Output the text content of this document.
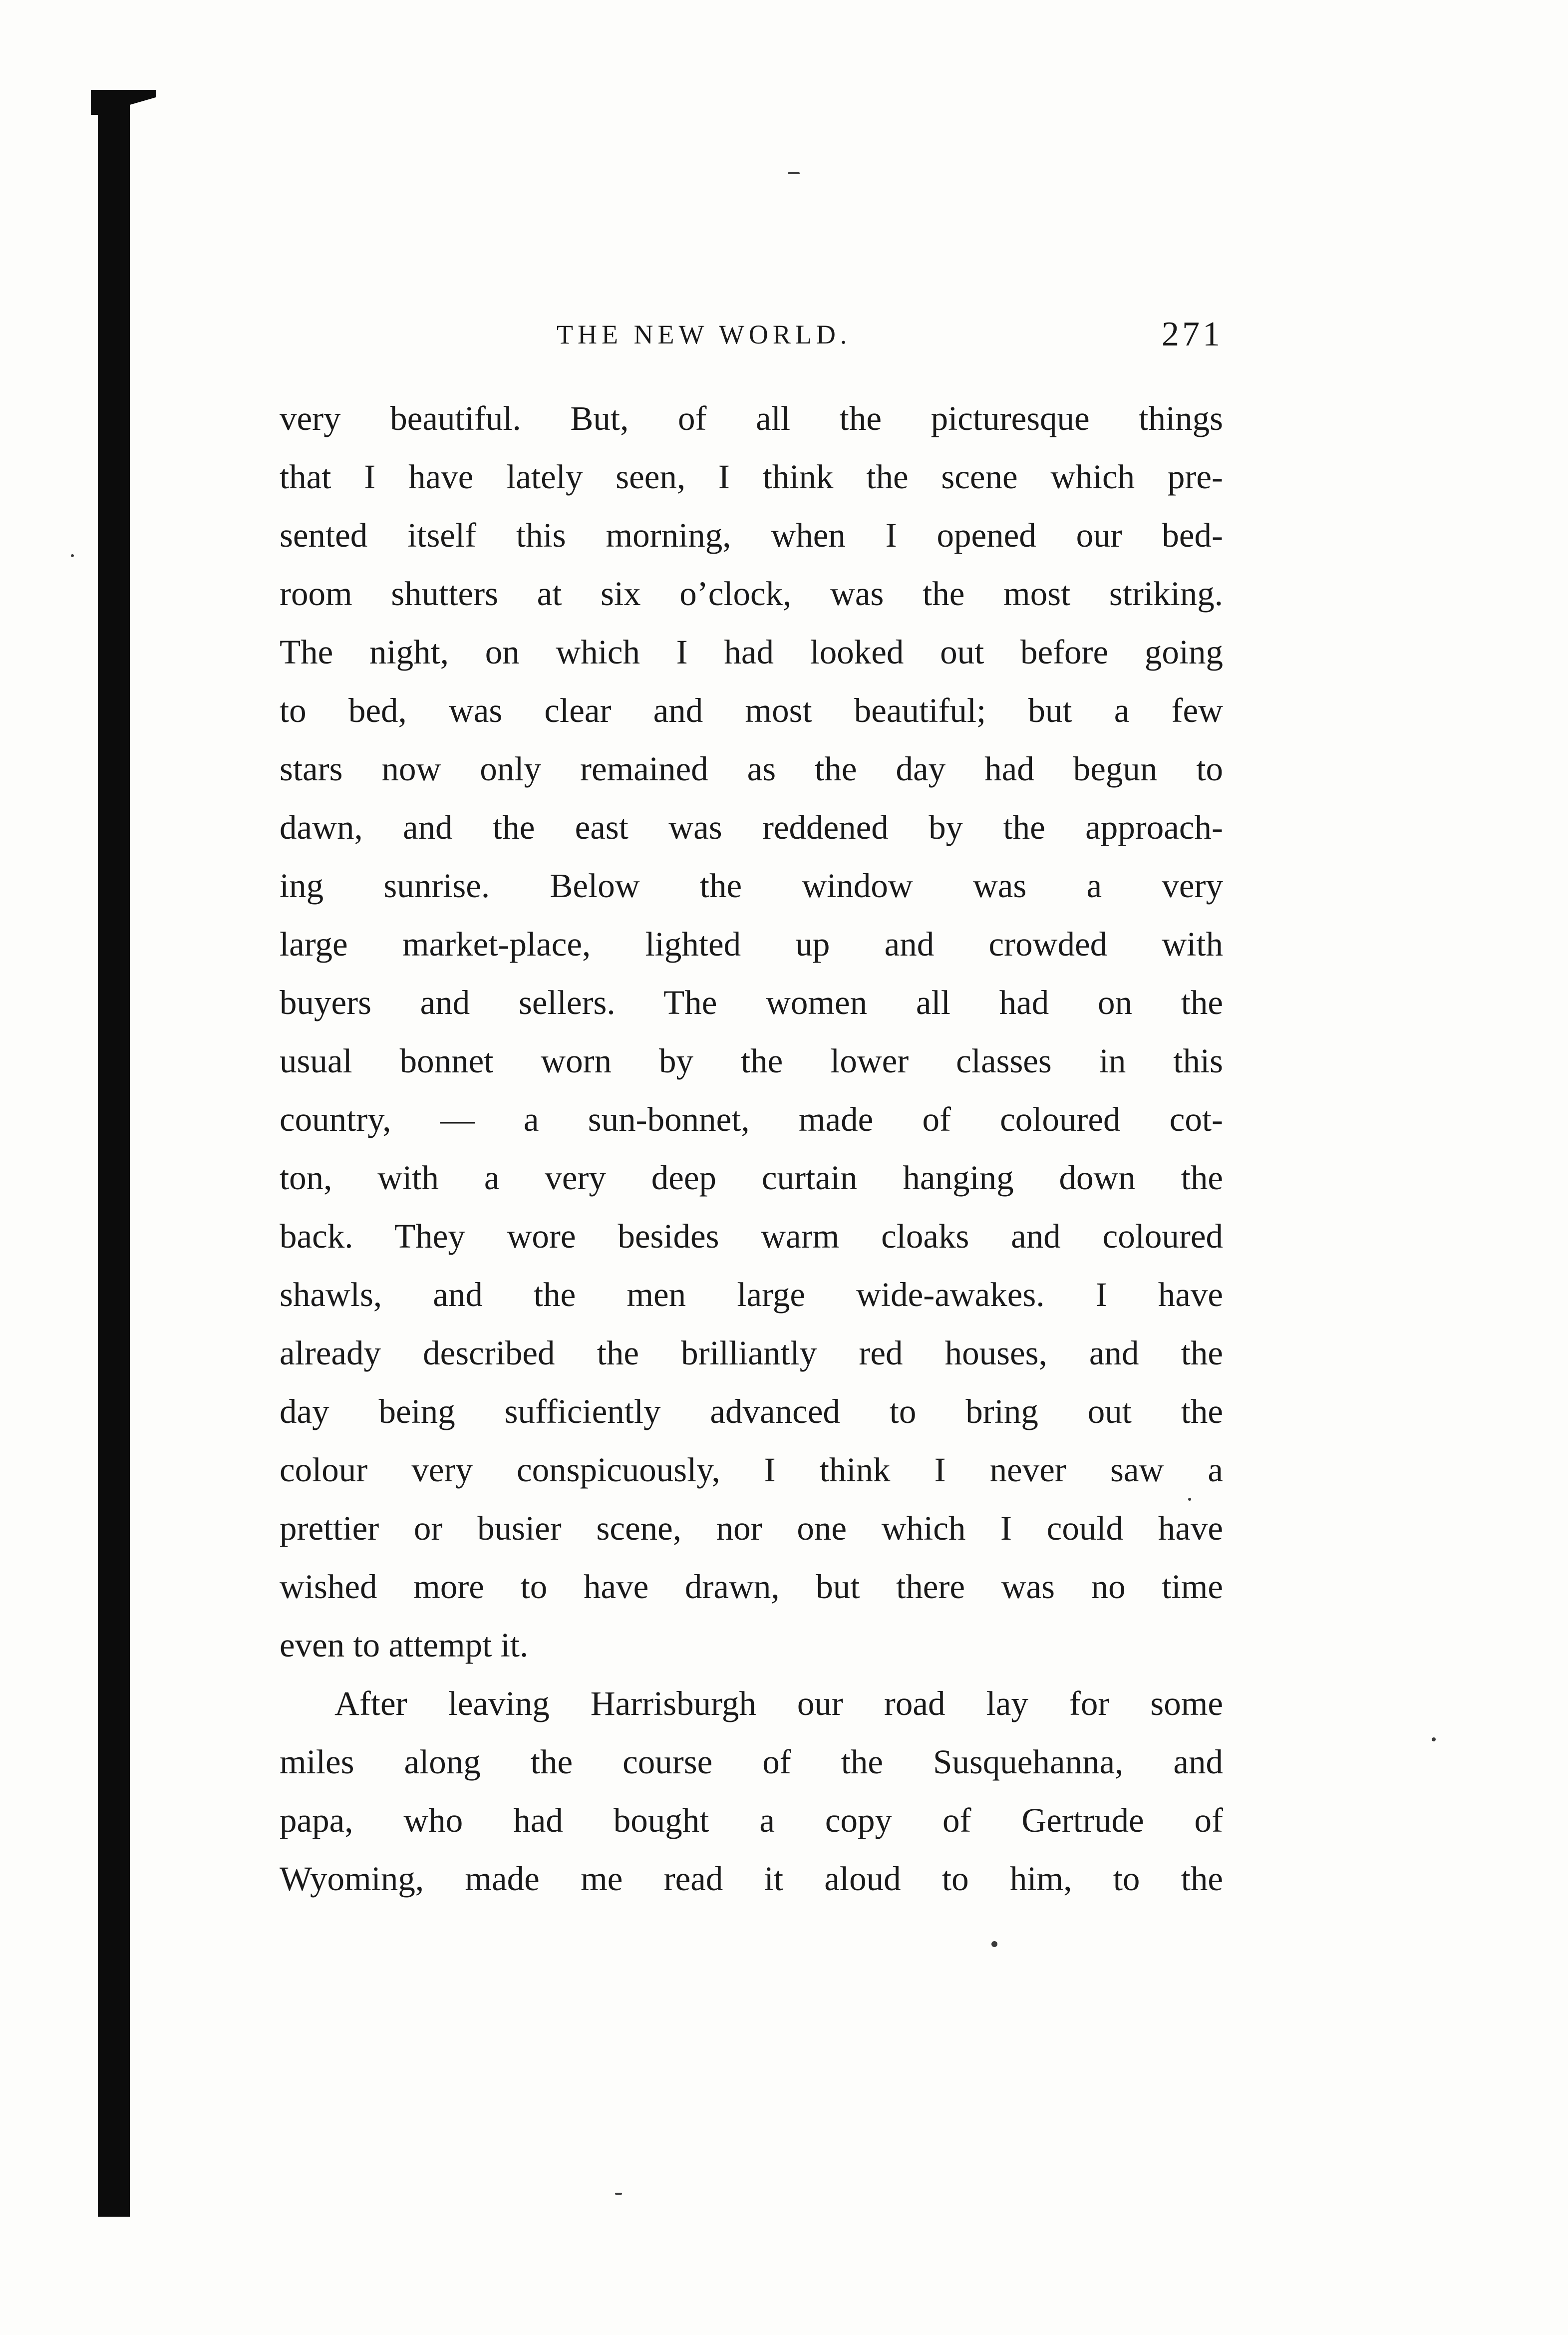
THE NEW WORLD.	271
very beautiful. But, of all the picturesque things
that I have lately seen, I think the scene which pre-
sented itself this morning, when I opened our bed-
room shutters at six o’clock, was the most striking.
The night, on which I had looked out before going
to bed, was clear and most beautiful; but a few
stars now only remained as the day had begun to
dawn, and the east was reddened by the approach-
ing sunrise. Below the window was a very
large market-place, lighted up and crowded with
buyers and sellers. The women all had on the
usual bonnet worn by the lower classes in this
country, — a sun-bonnet, made of coloured cot-
ton, with a very deep curtain hanging down the
back. They wore besides warm cloaks and coloured
shawls, and the men large wide-awakes. I have
already described the brilliantly red houses, and the
day being sufficiently advanced to bring out the
colour very conspicuously, I think I never saw a
prettier or busier scene, nor one which I could have
wished more to have drawn, but there was no time
even to attempt it.
After leaving Harrisburgh our road lay for some
miles along the course of the Susquehanna, and
papa, who had bought a copy of Gertrude of
Wyoming, made me read it aloud to him, to the
